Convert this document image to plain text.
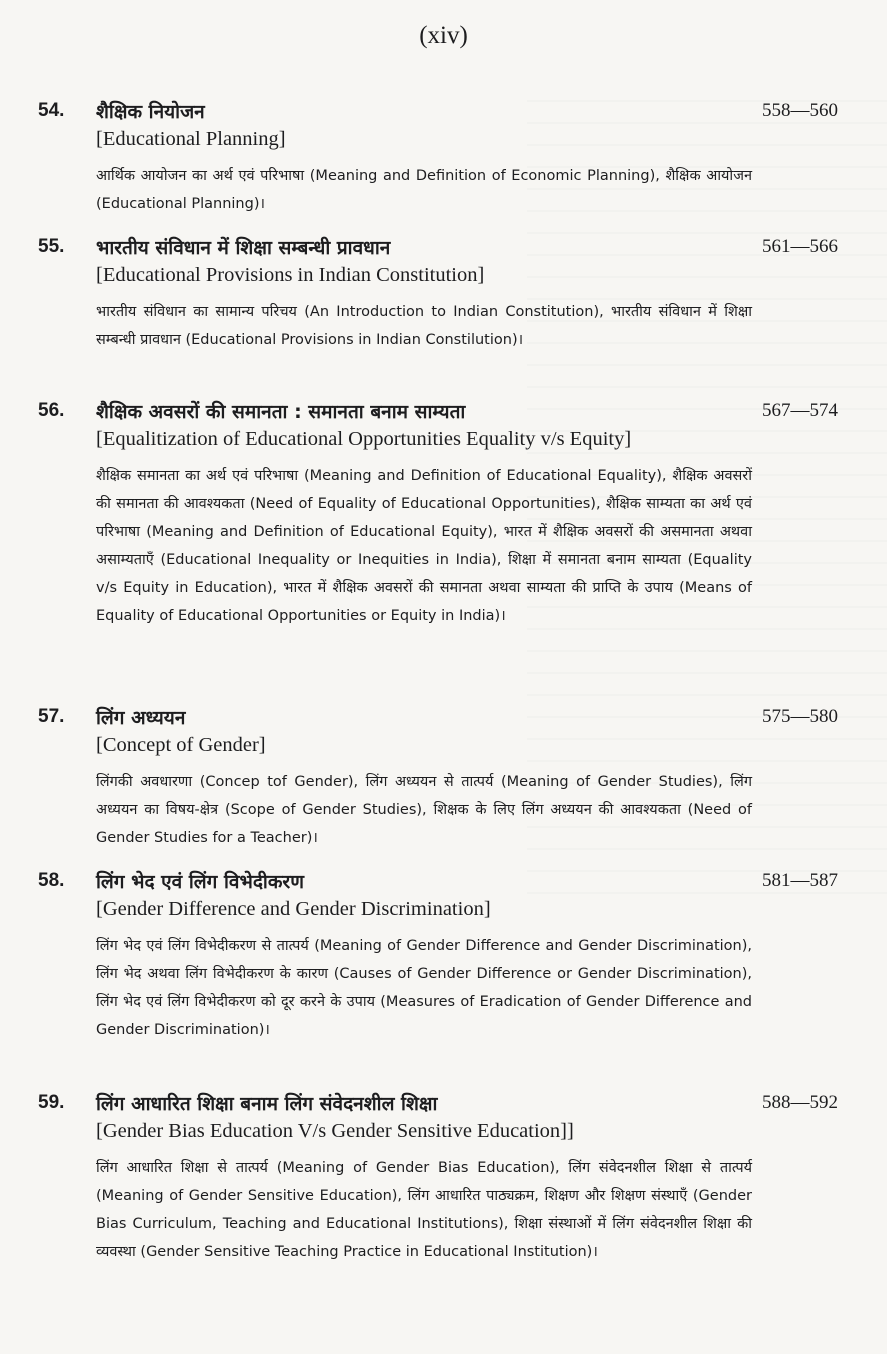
(xiv)
54. शैक्षिक नियोजन	558—560
[Educational Planning]
आर्थिक आयोजन का अर्थ एवं परिभाषा (Meaning and Definition of Economic Planning), शैक्षिक आयोजन (Educational Planning)।
55. भारतीय संविधान में शिक्षा सम्बन्धी प्रावधान	561—566
[Educational Provisions in Indian Constitution]
भारतीय संविधान का सामान्य परिचय (An Introduction to Indian Constitution), भारतीय संविधान में शिक्षा सम्बन्धी प्रावधान (Educational Provisions in Indian Constilution)।
56. शैक्षिक अवसरों की समानता : समानता बनाम साम्यता	567—574
[Equalitization of Educational Opportunities Equality v/s Equity]
शैक्षिक समानता का अर्थ एवं परिभाषा (Meaning and Definition of Educational Equality), शैक्षिक अवसरों की समानता की आवश्यकता (Need of Equality of Educational Opportunities), शैक्षिक साम्यता का अर्थ एवं परिभाषा (Meaning and Definition of Educational Equity), भारत में शैक्षिक अवसरों की असमानता अथवा असाम्यताएँ (Educational Inequality or Inequities in India), शिक्षा में समानता बनाम साम्यता (Equality v/s Equity in Education), भारत में शैक्षिक अवसरों की समानता अथवा साम्यता की प्राप्ति के उपाय (Means of Equality of Educational Opportunities or Equity in India)।
57. लिंग अध्ययन	575—580
[Concept of Gender]
लिंगकी अवधारणा (Concep tof Gender), लिंग अध्ययन से तात्पर्य (Meaning of Gender Studies), लिंग अध्ययन का विषय-क्षेत्र (Scope of Gender Studies), शिक्षक के लिए लिंग अध्ययन की आवश्यकता (Need of Gender Studies for a Teacher)।
58. लिंग भेद एवं लिंग विभेदीकरण	581—587
[Gender Difference and Gender Discrimination]
लिंग भेद एवं लिंग विभेदीकरण से तात्पर्य (Meaning of Gender Difference and Gender Discrimination), लिंग भेद अथवा लिंग विभेदीकरण के कारण (Causes of Gender Difference or Gender Discrimination), लिंग भेद एवं लिंग विभेदीकरण को दूर करने के उपाय (Measures of Eradication of Gender Difference and Gender Discrimination)।
59. लिंग आधारित शिक्षा बनाम लिंग संवेदनशील शिक्षा	588—592
[Gender Bias Education V/s Gender Sensitive Education]]
लिंग आधारित शिक्षा से तात्पर्य (Meaning of Gender Bias Education), लिंग संवेदनशील शिक्षा से तात्पर्य (Meaning of Gender Sensitive Education), लिंग आधारित पाठ्यक्रम, शिक्षण और शिक्षण संस्थाएँ (Gender Bias Curriculum, Teaching and Educational Institutions), शिक्षा संस्थाओं में लिंग संवेदनशील शिक्षा की व्यवस्था (Gender Sensitive Teaching Practice in Educational Institution)।
